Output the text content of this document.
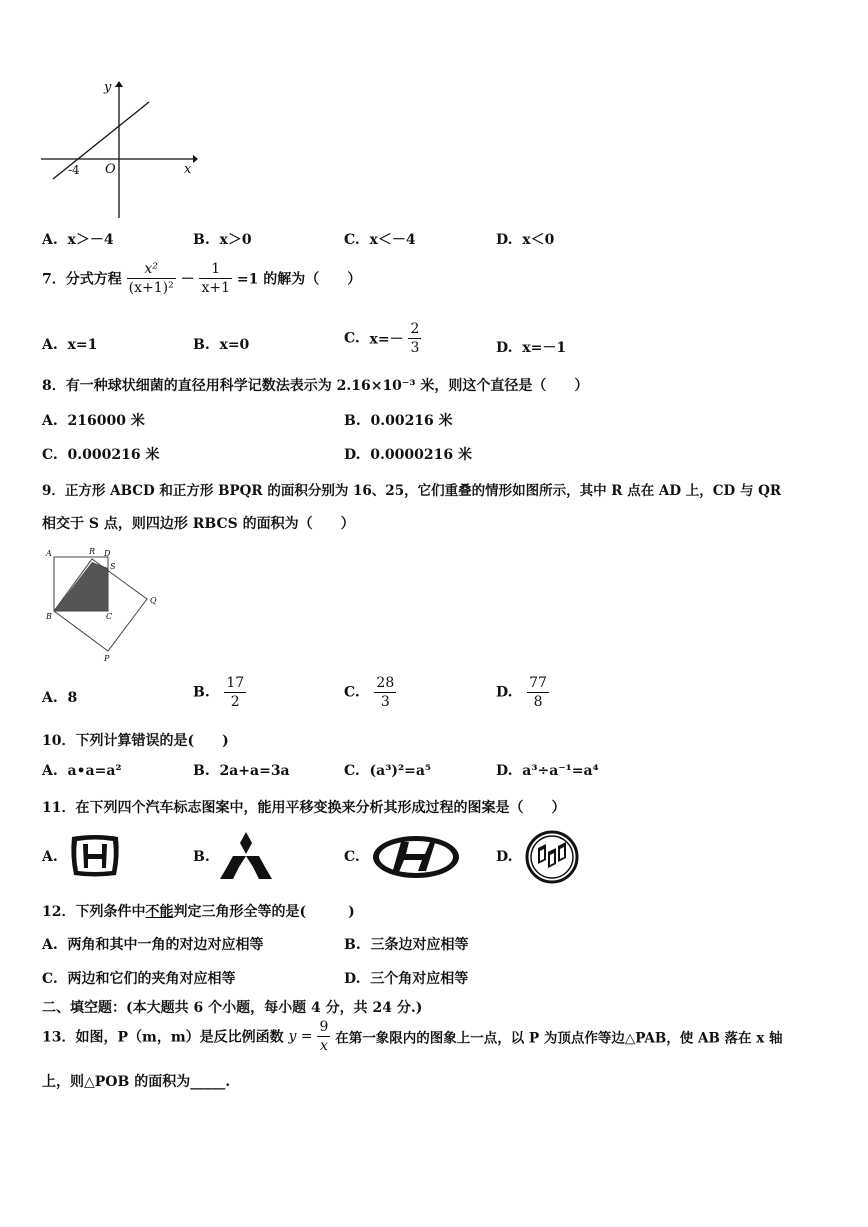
y
x
O
-4
A. x＞－4	B. x＞0	C. x＜－4	D. x＜0
7．分式方程 $\frac{\text{x²}}{\text{(x+1)²}} - \frac{1}{x+1} =1$ 的解为（　　）
A. x=1	B. x=0	C. $x=- \frac{2}{3}$	D. x=－1
8．有一种球状细菌的直径用科学记数法表示为 2.16×10⁻³ 米，则这个直径是（　　）
A. 216000 米	B. 0.00216 米
C. 0.000216 米	D. 0.0000216 米
9．正方形 ABCD 和正方形 BPQR 的面积分别为 16、25，它们重叠的情形如图所示，其中 R 点在 AD 上，CD 与 QR
相交于 S 点，则四边形 RBCS 的面积为（　　）
A	R D
S
B	C
Q
P
A. 8	B. $\frac{17}{2}$	C. $\frac{28}{3}$	D. $\frac{77}{8}$
10．下列计算错误的是(　　)
A. a•a=a²	B. 2a+a=3a	C. (a³)²=a⁵	D. a³÷a⁻¹=a⁴
11．在下列四个汽车标志图案中，能用平移变换来分析其形成过程的图案是（　　）
A.	B.	C.	D.
12．下列条件中不能判定三角形全等的是(　　　)
A. 两角和其中一角的对边对应相等	B. 三条边对应相等
C. 两边和它们的夹角对应相等	D. 三个角对应相等
二、填空题：(本大题共 6 个小题，每小题 4 分，共 24 分.)
13．如图，P（m，m）是反比例函数 $y = \frac{9}{x}$ 在第一象限内的图象上一点，以 P 为顶点作等边△PAB，使 AB 落在 x 轴
上，则△POB 的面积为_____.
